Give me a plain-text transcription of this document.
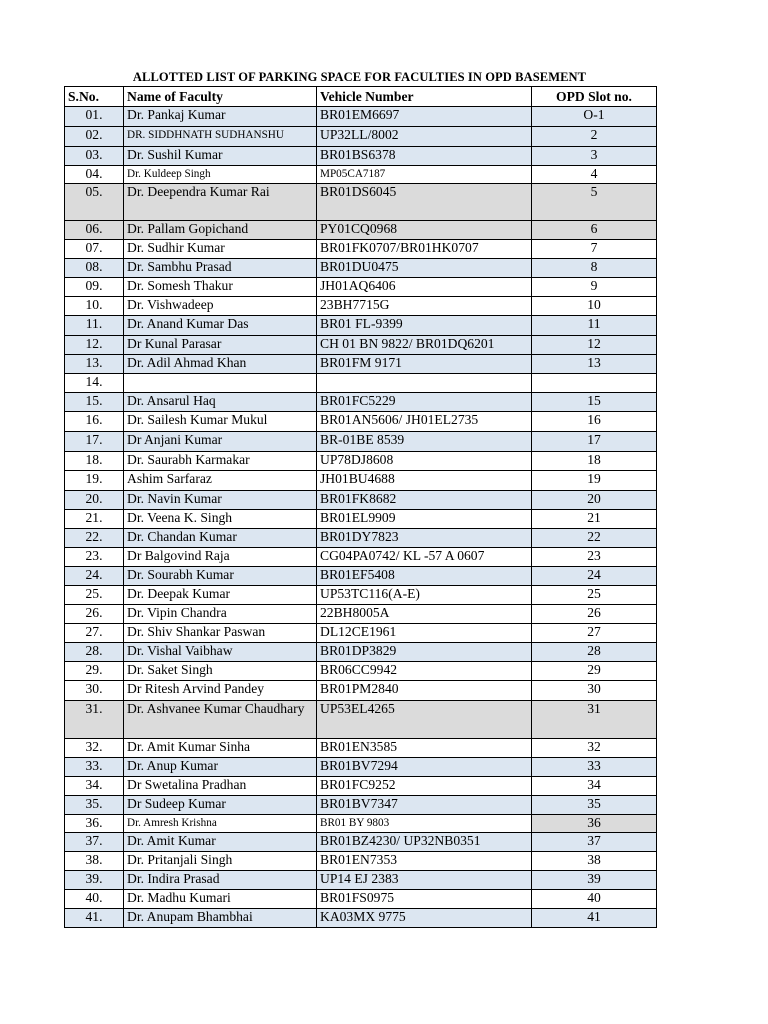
ALLOTTED LIST OF PARKING SPACE FOR FACULTIES IN OPD BASEMENT
S.No.	Name of Faculty	Vehicle Number	OPD Slot no.
01.	Dr. Pankaj Kumar	BR01EM6697	O-1
02.	DR. SIDDHNATH SUDHANSHU	UP32LL/8002	2
03.	Dr. Sushil Kumar	BR01BS6378	3
04.	Dr. Kuldeep Singh	MP05CA7187	4
05.	Dr. Deependra Kumar Rai	BR01DS6045	5
06.	Dr. Pallam Gopichand	PY01CQ0968	6
07.	Dr. Sudhir Kumar	BR01FK0707/BR01HK0707	7
08.	Dr. Sambhu Prasad	BR01DU0475	8
09.	Dr. Somesh Thakur	JH01AQ6406	9
10.	Dr. Vishwadeep	23BH7715G	10
11.	Dr. Anand Kumar Das	BR01 FL-9399	11
12.	Dr Kunal Parasar	CH 01 BN 9822/ BR01DQ6201	12
13.	Dr. Adil Ahmad Khan	BR01FM 9171	13
14.			
15.	Dr. Ansarul Haq	BR01FC5229	15
16.	Dr. Sailesh Kumar Mukul	BR01AN5606/ JH01EL2735	16
17.	Dr Anjani Kumar	BR-01BE 8539	17
18.	Dr. Saurabh Karmakar	UP78DJ8608	18
19.	Ashim Sarfaraz	JH01BU4688	19
20.	Dr. Navin Kumar	BR01FK8682	20
21.	Dr. Veena K. Singh	BR01EL9909	21
22.	Dr. Chandan Kumar	BR01DY7823	22
23.	Dr Balgovind Raja	CG04PA0742/ KL -57 A 0607	23
24.	Dr. Sourabh Kumar	BR01EF5408	24
25.	Dr. Deepak Kumar	UP53TC116(A-E)	25
26.	Dr. Vipin Chandra	22BH8005A	26
27.	Dr. Shiv Shankar Paswan	DL12CE1961	27
28.	Dr. Vishal Vaibhaw	BR01DP3829	28
29.	Dr. Saket Singh	BR06CC9942	29
30.	Dr Ritesh Arvind Pandey	BR01PM2840	30
31.	Dr. Ashvanee Kumar Chaudhary	UP53EL4265	31
32.	Dr. Amit Kumar Sinha	BR01EN3585	32
33.	Dr. Anup Kumar	BR01BV7294	33
34.	Dr Swetalina Pradhan	BR01FC9252	34
35.	Dr Sudeep Kumar	BR01BV7347	35
36.	Dr. Amresh Krishna	BR01 BY 9803	36
37.	Dr. Amit Kumar	BR01BZ4230/ UP32NB0351	37
38.	Dr. Pritanjali Singh	BR01EN7353	38
39.	Dr. Indira Prasad	UP14 EJ 2383	39
40.	Dr. Madhu Kumari	BR01FS0975	40
41.	Dr. Anupam Bhambhai	KA03MX 9775	41
